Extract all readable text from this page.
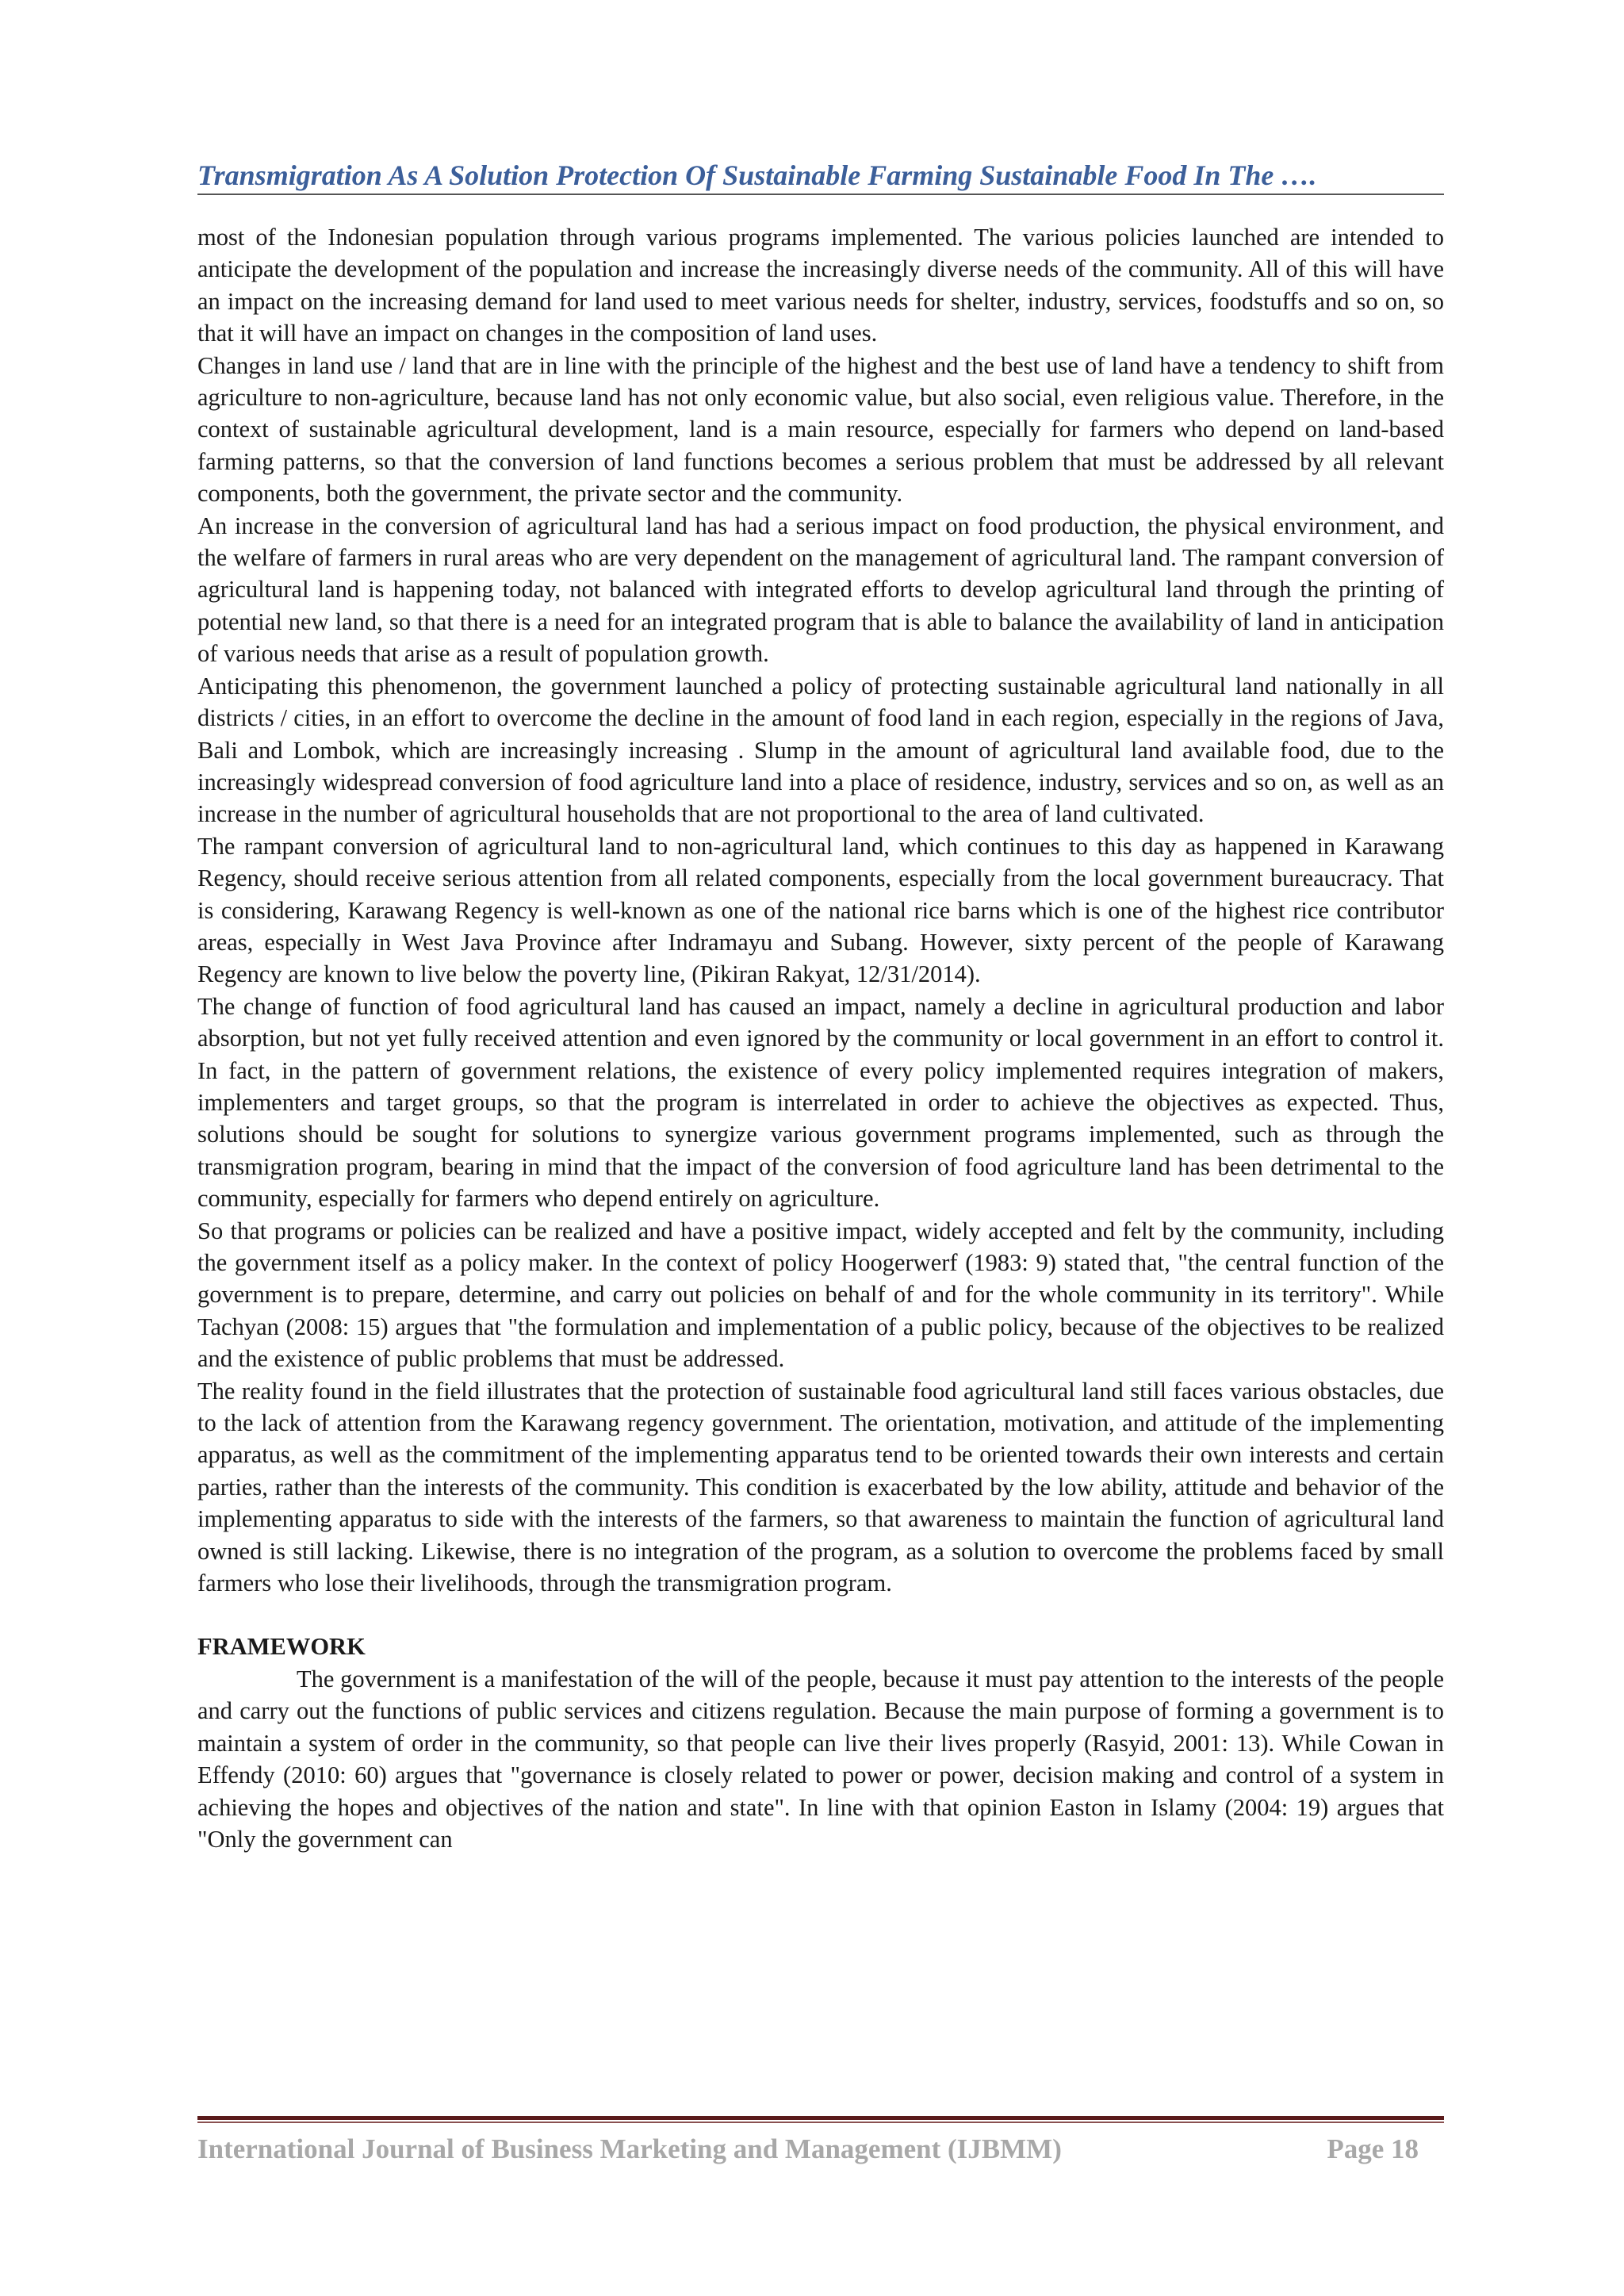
Transmigration As A Solution Protection Of Sustainable Farming Sustainable Food In The ….

most of the Indonesian population through various programs implemented. The various policies launched are intended to anticipate the development of the population and increase the increasingly diverse needs of the community. All of this will have an impact on the increasing demand for land used to meet various needs for shelter, industry, services, foodstuffs and so on, so that it will have an impact on changes in the composition of land uses.

Changes in land use / land that are in line with the principle of the highest and the best use of land have a tendency to shift from agriculture to non-agriculture, because land has not only economic value, but also social, even religious value. Therefore, in the context of sustainable agricultural development, land is a main resource, especially for farmers who depend on land-based farming patterns, so that the conversion of land functions becomes a serious problem that must be addressed by all relevant components, both the government, the private sector and the community.

An increase in the conversion of agricultural land has had a serious impact on food production, the physical environment, and the welfare of farmers in rural areas who are very dependent on the management of agricultural land. The rampant conversion of agricultural land is happening today, not balanced with integrated efforts to develop agricultural land through the printing of potential new land, so that there is a need for an integrated program that is able to balance the availability of land in anticipation of various needs that arise as a result of population growth.

Anticipating this phenomenon, the government launched a policy of protecting sustainable agricultural land nationally in all districts / cities, in an effort to overcome the decline in the amount of food land in each region, especially in the regions of Java, Bali and Lombok, which are increasingly increasing . Slump in the amount of agricultural land available food, due to the increasingly widespread conversion of food agriculture land into a place of residence, industry, services and so on, as well as an increase in the number of agricultural households that are not proportional to the area of land cultivated.

The rampant conversion of agricultural land to non-agricultural land, which continues to this day as happened in Karawang Regency, should receive serious attention from all related components, especially from the local government bureaucracy. That is considering, Karawang Regency is well-known as one of the national rice barns which is one of the highest rice contributor areas, especially in West Java Province after Indramayu and Subang. However, sixty percent of the people of Karawang Regency are known to live below the poverty line, (Pikiran Rakyat, 12/31/2014).

The change of function of food agricultural land has caused an impact, namely a decline in agricultural production and labor absorption, but not yet fully received attention and even ignored by the community or local government in an effort to control it. In fact, in the pattern of government relations, the existence of every policy implemented requires integration of makers, implementers and target groups, so that the program is interrelated in order to achieve the objectives as expected. Thus, solutions should be sought for solutions to synergize various government programs implemented, such as through the transmigration program, bearing in mind that the impact of the conversion of food agriculture land has been detrimental to the community, especially for farmers who depend entirely on agriculture.

So that programs or policies can be realized and have a positive impact, widely accepted and felt by the community, including the government itself as a policy maker. In the context of policy Hoogerwerf (1983: 9) stated that, "the central function of the government is to prepare, determine, and carry out policies on behalf of and for the whole community in its territory". While Tachyan (2008: 15) argues that "the formulation and implementation of a public policy, because of the objectives to be realized and the existence of public problems that must be addressed.

The reality found in the field illustrates that the protection of sustainable food agricultural land still faces various obstacles, due to the lack of attention from the Karawang regency government. The orientation, motivation, and attitude of the implementing apparatus, as well as the commitment of the implementing apparatus tend to be oriented towards their own interests and certain parties, rather than the interests of the community. This condition is exacerbated by the low ability, attitude and behavior of the implementing apparatus to side with the interests of the farmers, so that awareness to maintain the function of agricultural land owned is still lacking. Likewise, there is no integration of the program, as a solution to overcome the problems faced by small farmers who lose their livelihoods, through the transmigration program.

FRAMEWORK

The government is a manifestation of the will of the people, because it must pay attention to the interests of the people and carry out the functions of public services and citizens regulation. Because the main purpose of forming a government is to maintain a system of order in the community, so that people can live their lives properly (Rasyid, 2001: 13). While Cowan in Effendy (2010: 60) argues that "governance is closely related to power or power, decision making and control of a system in achieving the hopes and objectives of the nation and state". In line with that opinion Easton in Islamy (2004: 19) argues that "Only the government can

International Journal of Business Marketing and Management (IJBMM)	Page 18
